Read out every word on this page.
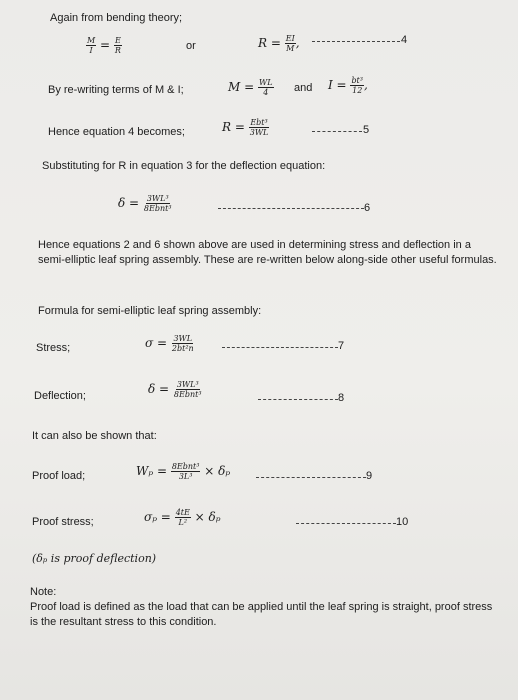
Again from bending theory;
$\frac{M}{I} = \frac{E}{R}$	or	$R = \frac{EI}{M}$ ,	4
By re-writing terms of M & I;	$M = \frac{WL}{4}$ and $I = \frac{\text{bt³}}{12}$ ,
Hence equation 4 becomes;	$R = \frac{\text{Ebt³}}{3WL}$	5
Substituting for R in equation 3 for the deflection equation:
$\delta = \frac{\text{3WL³}}{\text{8Ebnt³}}$	6
Hence equations 2 and 6 shown above are used in determining stress and deflection in a semi-elliptic leaf spring assembly. These are re-written below along-side other useful formulas.
Formula for semi-elliptic leaf spring assembly:
Stress;	$\sigma = \frac{3WL}{\text{2bt²n}}$	7
Deflection;	$\delta = \frac{\text{3WL³}}{\text{8Ebnt³}}$	8
It can also be shown that:
Proof load;	$W_p = \frac{\text{8Ebnt³}}{\text{3L³}} \times \delta_p$	9
Proof stress;	$\sigma_p = \frac{4tE}{\text{L²}} \times \delta_p$	10
(δₚ is proof deflection)
Note:
Proof load is defined as the load that can be applied until the leaf spring is straight, proof stress is the resultant stress to this condition.
